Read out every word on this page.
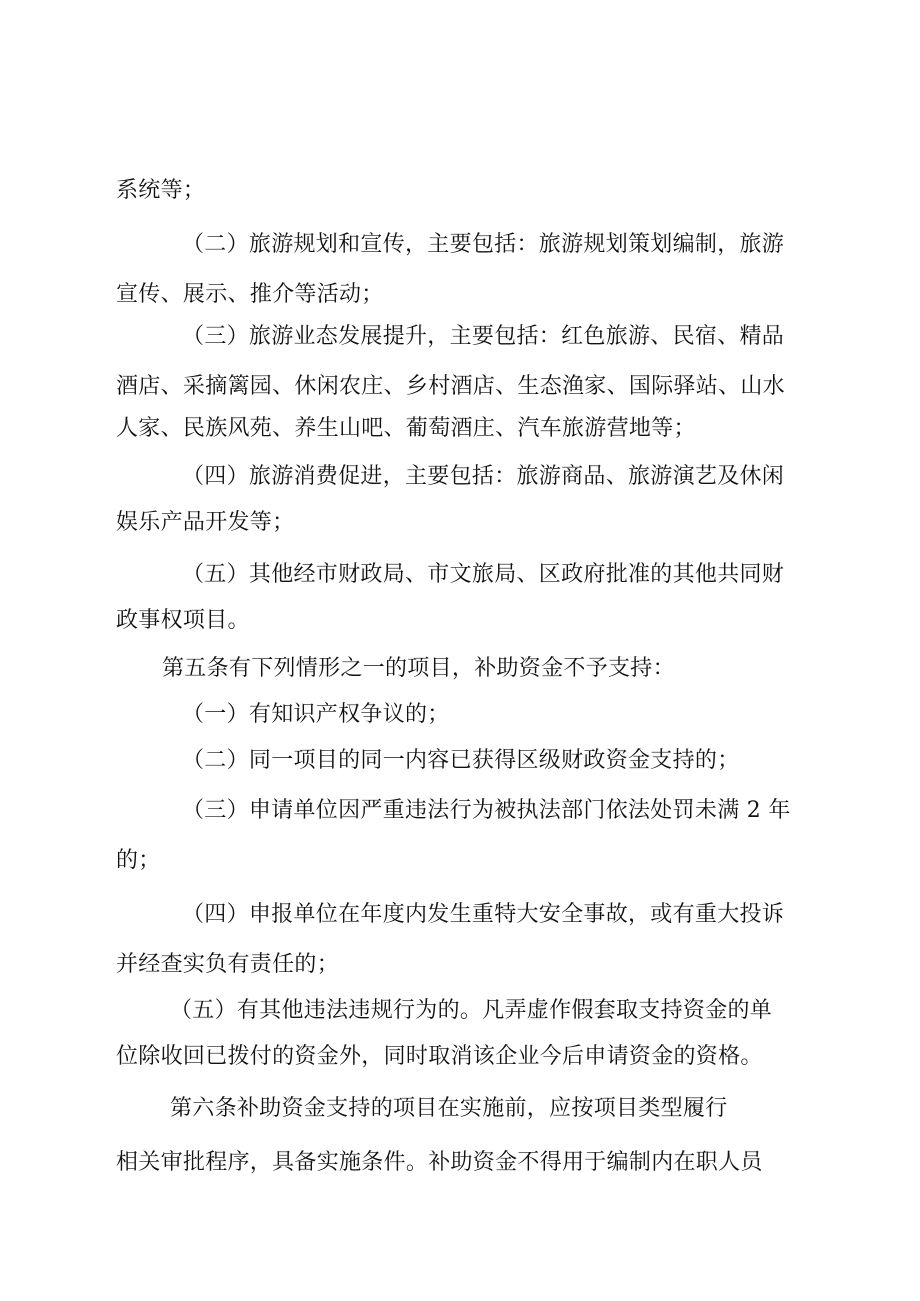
系统等；
（二）旅游规划和宣传，主要包括：旅游规划策划编制，旅游
宣传、展示、推介等活动；
（三）旅游业态发展提升，主要包括：红色旅游、民宿、精品
酒店、采摘篱园、休闲农庄、乡村酒店、生态渔家、国际驿站、山水
人家、民族风苑、养生山吧、葡萄酒庄、汽车旅游营地等；
（四）旅游消费促进，主要包括：旅游商品、旅游演艺及休闲
娱乐产品开发等；
（五）其他经市财政局、市文旅局、区政府批准的其他共同财
政事权项目。
第五条有下列情形之一的项目，补助资金不予支持：
（一）有知识产权争议的；
（二）同一项目的同一内容已获得区级财政资金支持的；
（三）申请单位因严重违法行为被执法部门依法处罚未满 2 年
的；
（四）申报单位在年度内发生重特大安全事故，或有重大投诉
并经查实负有责任的；
（五）有其他违法违规行为的。凡弄虚作假套取支持资金的单
位除收回已拨付的资金外，同时取消该企业今后申请资金的资格。
第六条补助资金支持的项目在实施前，应按项目类型履行
相关审批程序，具备实施条件。补助资金不得用于编制内在职人员
